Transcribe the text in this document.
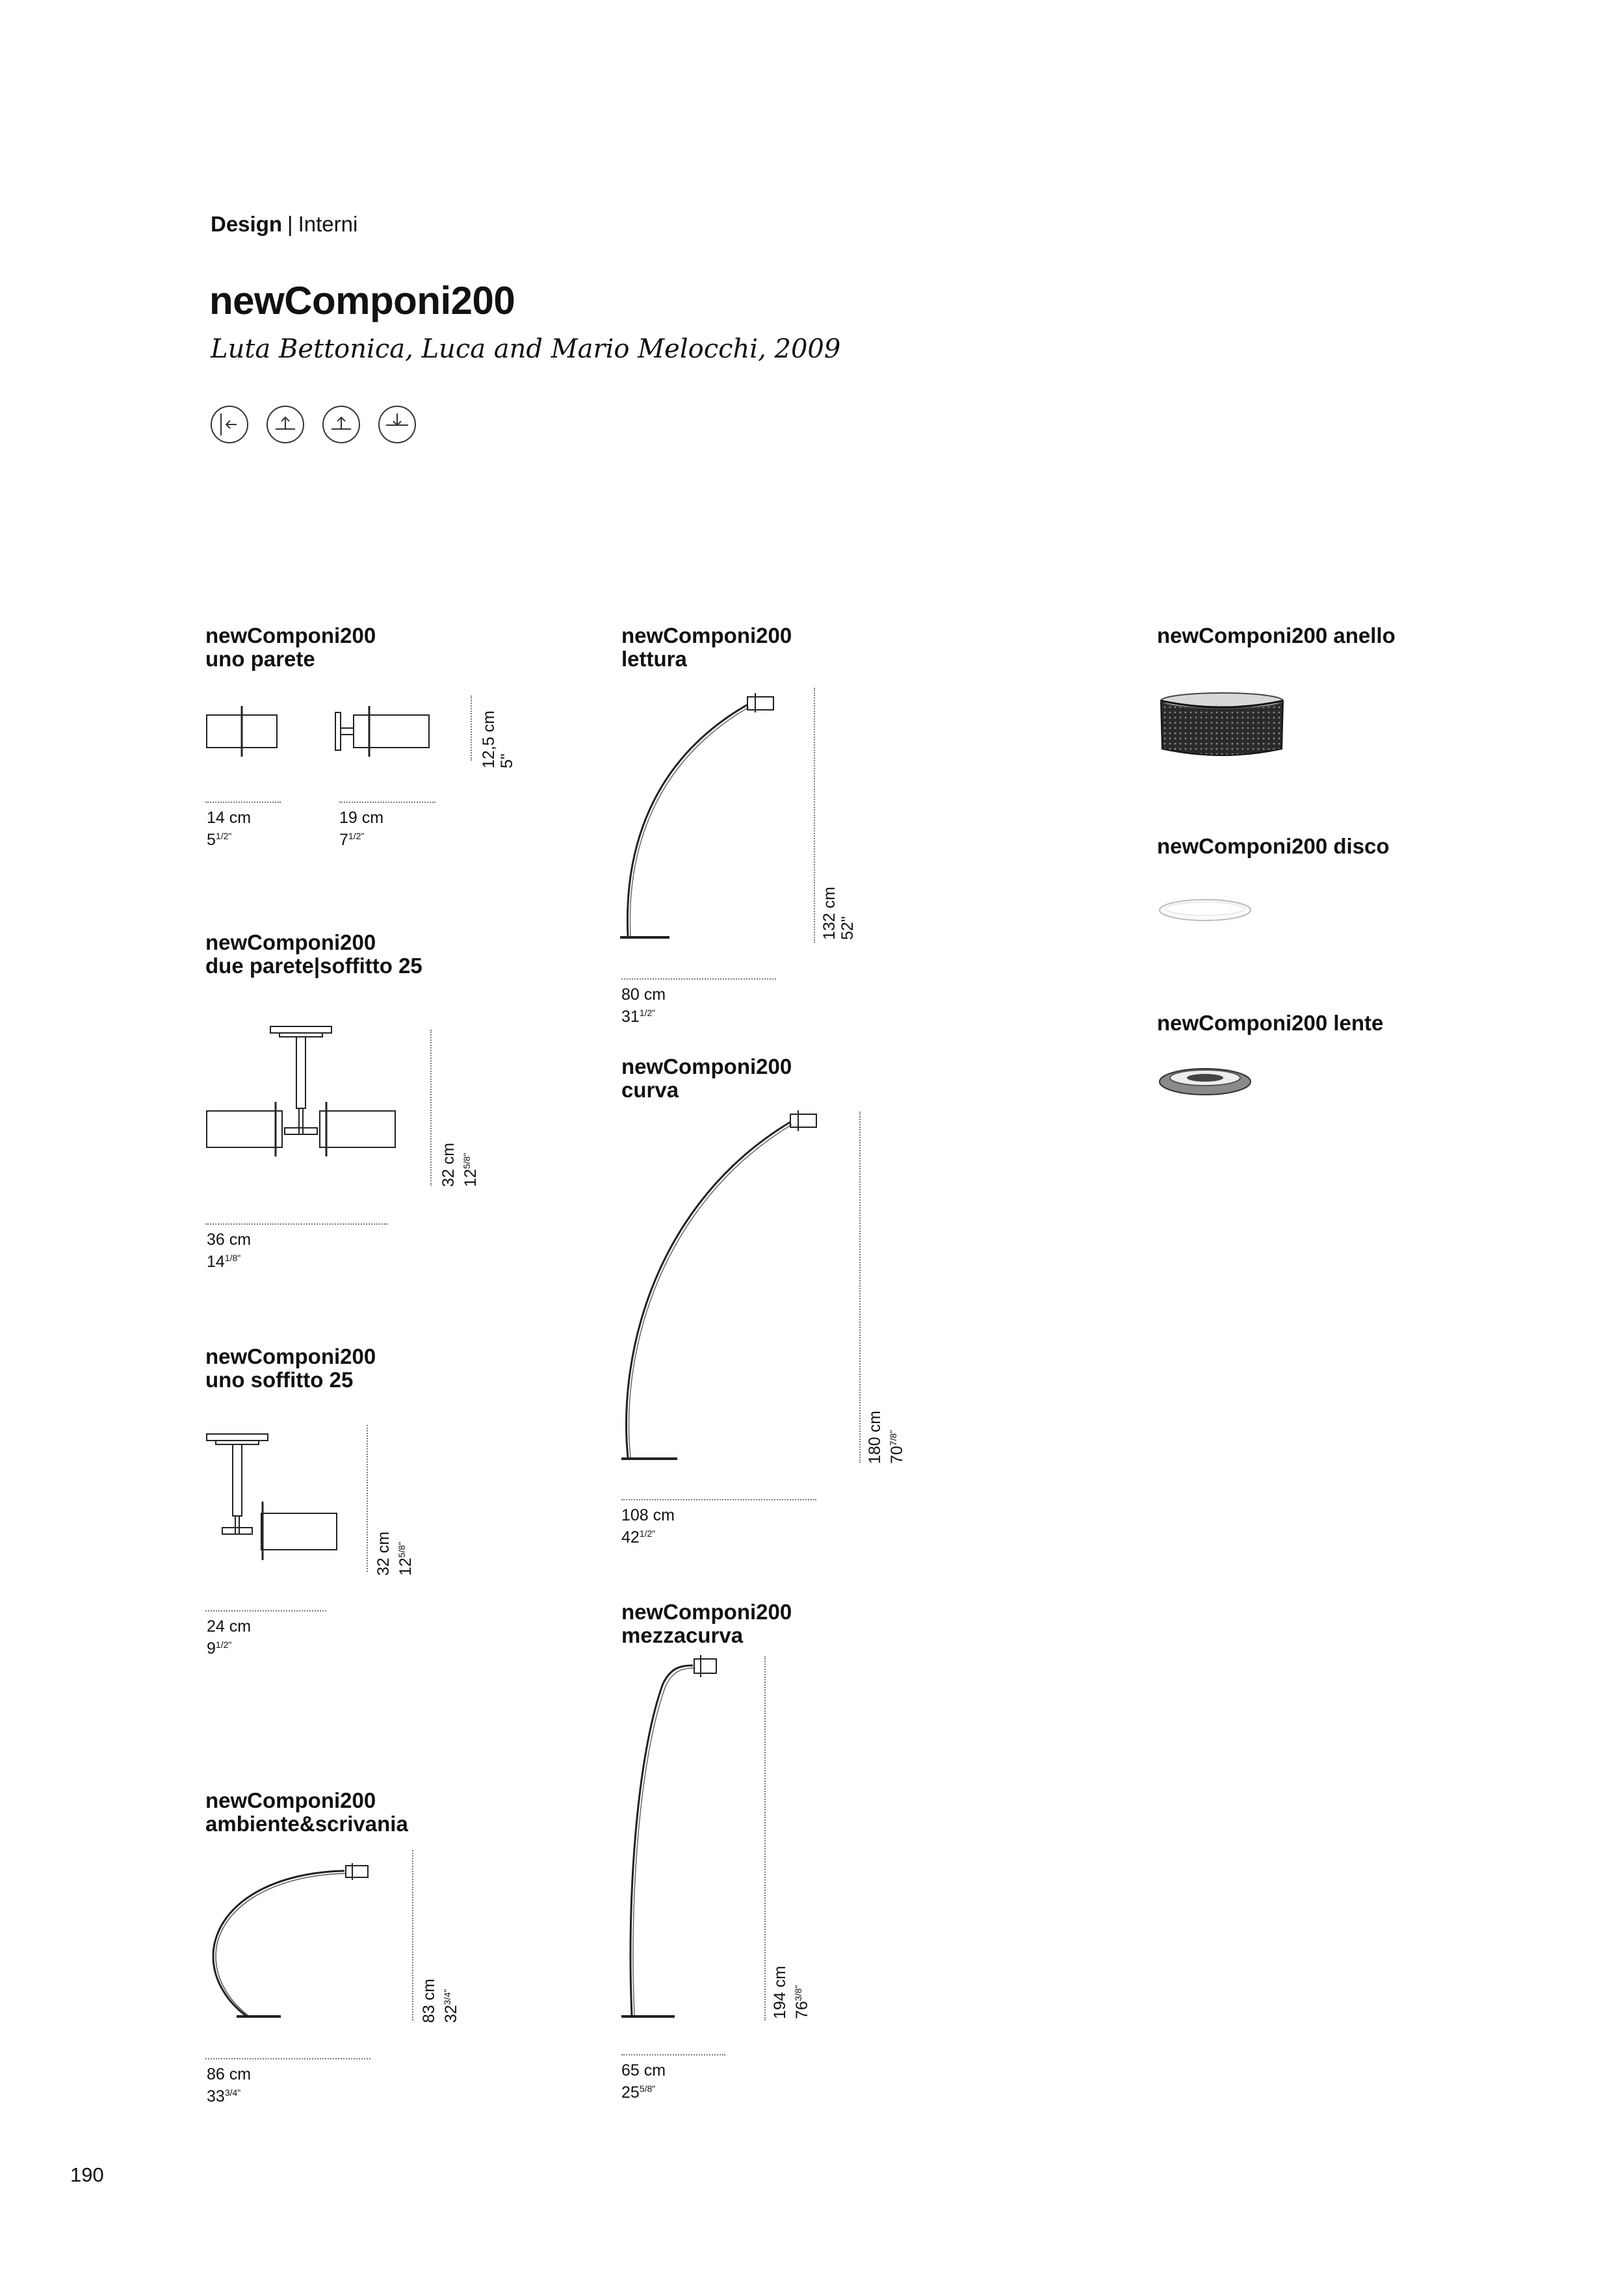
Design | Interni
newComponi200
Luta Bettonica, Luca and Mario Melocchi, 2009
newComponi200
uno parete
14 cm
$5^{1/2"}$
19 cm
$7^{1/2"}$
12,5 cm 5"
newComponi200
due parete|soffitto 25
36 cm
$14^{1/8"}$
32 cm $12^{5/8"}$
newComponi200
uno soffitto 25
24 cm
$9^{1/2"}$
32 cm $12^{5/8"}$
newComponi200
ambiente&scrivania
86 cm
$33^{3/4"}$
83 cm $32^{3/4"}$
newComponi200
lettura
80 cm
$31^{1/2"}$
132 cm 52"
newComponi200
curva
108 cm
$42^{1/2"}$
180 cm $70^{7/8"}$
newComponi200
mezzacurva
65 cm
$25^{5/8"}$
194 cm $76^{3/8"}$
newComponi200 anello
newComponi200 disco
newComponi200 lente
190
